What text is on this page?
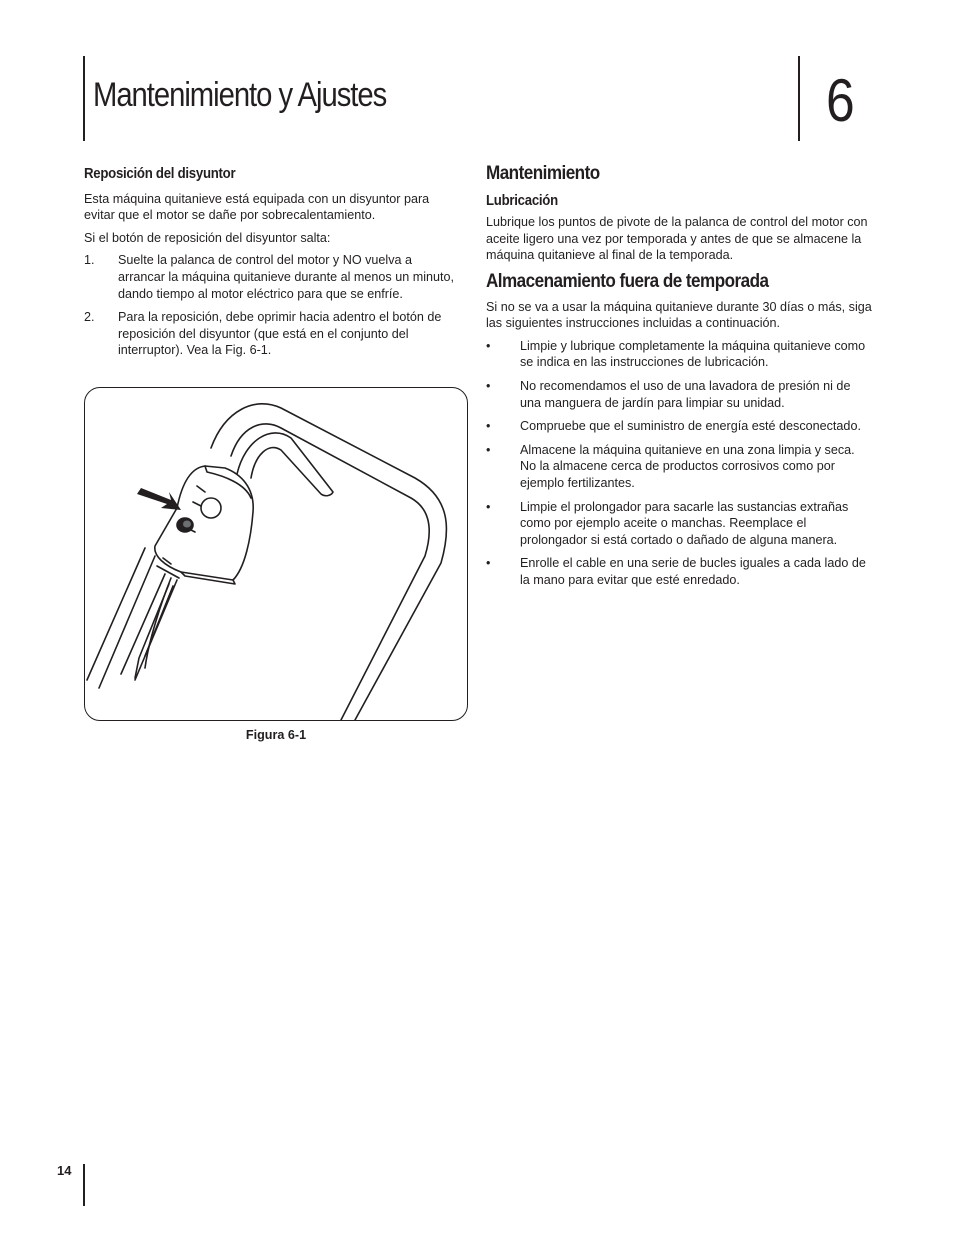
Mantenimiento y Ajustes	6
Reposición del disyuntor

Esta máquina quitanieve está equipada con un disyuntor para evitar que el motor se dañe por sobrecalentamiento.

Si el botón de reposición del disyuntor salta:

1. Suelte la palanca de control del motor y NO vuelva a arrancar la máquina quitanieve durante al menos un minuto, dando tiempo al motor eléctrico para que se enfríe.
2. Para la reposición, debe oprimir hacia adentro el botón de reposición del disyuntor (que está en el conjunto del interruptor). Vea la Fig. 6-1.
Figura 6-1
Mantenimiento
Lubricación

Lubrique los puntos de pivote de la palanca de control del motor con aceite ligero una vez por temporada y antes de que se almacene la máquina quitanieve al final de la temporada.

Almacenamiento fuera de temporada

Si no se va a usar la máquina quitanieve durante 30 días o más, siga las siguientes instrucciones incluidas a continuación.

• Limpie y lubrique completamente la máquina quitanieve como se indica en las instrucciones de lubricación.
• No recomendamos el uso de una lavadora de presión ni de una manguera de jardín para limpiar su unidad.
• Compruebe que el suministro de energía esté desconectado.
• Almacene la máquina quitanieve en una zona limpia y seca. No la almacene cerca de productos corrosivos como por ejemplo fertilizantes.
• Limpie el prolongador para sacarle las sustancias extrañas como por ejemplo aceite o manchas. Reemplace el prolongador si está cortado o dañado de alguna manera.
• Enrolle el cable en una serie de bucles iguales a cada lado de la mano para evitar que esté enredado.
14
